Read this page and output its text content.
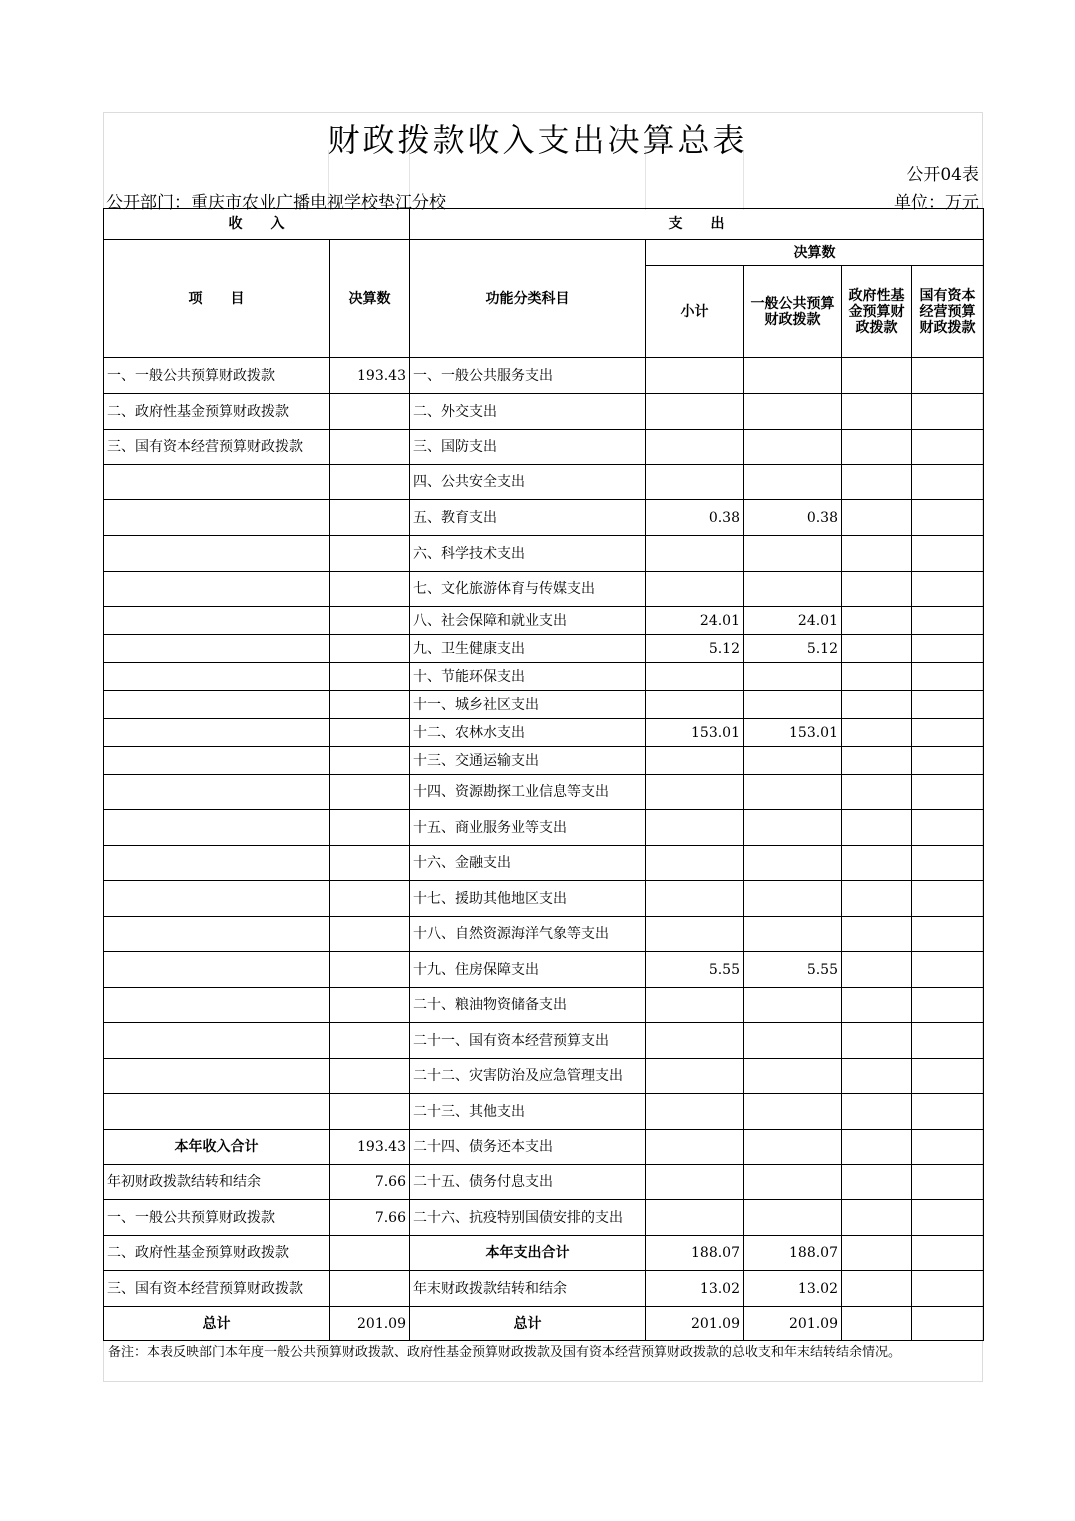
财政拨款收入支出决算总表
公开04表
公开部门：重庆市农业广播电视学校垫江分校	单位：万元
收　　入		支　　出				
项　　目	决算数	功能分类科目	决算数			
			小计	一般公共预算财政拨款	政府性基金预算财政拨款	国有资本经营预算财政拨款
一、一般公共预算财政拨款	193.43	一、一般公共服务支出				
二、政府性基金预算财政拨款		二、外交支出				
三、国有资本经营预算财政拨款		三、国防支出				
		四、公共安全支出				
		五、教育支出	0.38	0.38		
		六、科学技术支出				
		七、文化旅游体育与传媒支出				
		八、社会保障和就业支出	24.01	24.01		
		九、卫生健康支出	5.12	5.12		
		十、节能环保支出				
		十一、城乡社区支出				
		十二、农林水支出	153.01	153.01		
		十三、交通运输支出				
		十四、资源勘探工业信息等支出				
		十五、商业服务业等支出				
		十六、金融支出				
		十七、援助其他地区支出				
		十八、自然资源海洋气象等支出				
		十九、住房保障支出	5.55	5.55		
		二十、粮油物资储备支出				
		二十一、国有资本经营预算支出				
		二十二、灾害防治及应急管理支出				
		二十三、其他支出				
本年收入合计	193.43	二十四、债务还本支出				
年初财政拨款结转和结余	7.66	二十五、债务付息支出				
一、一般公共预算财政拨款	7.66	二十六、抗疫特别国债安排的支出				
二、政府性基金预算财政拨款		本年支出合计	188.07	188.07		
三、国有资本经营预算财政拨款		年末财政拨款结转和结余	13.02	13.02		
总计	201.09	总计	201.09	201.09		
备注：本表反映部门本年度一般公共预算财政拨款、政府性基金预算财政拨款及国有资本经营预算财政拨款的总收支和年末结转结余情况。
